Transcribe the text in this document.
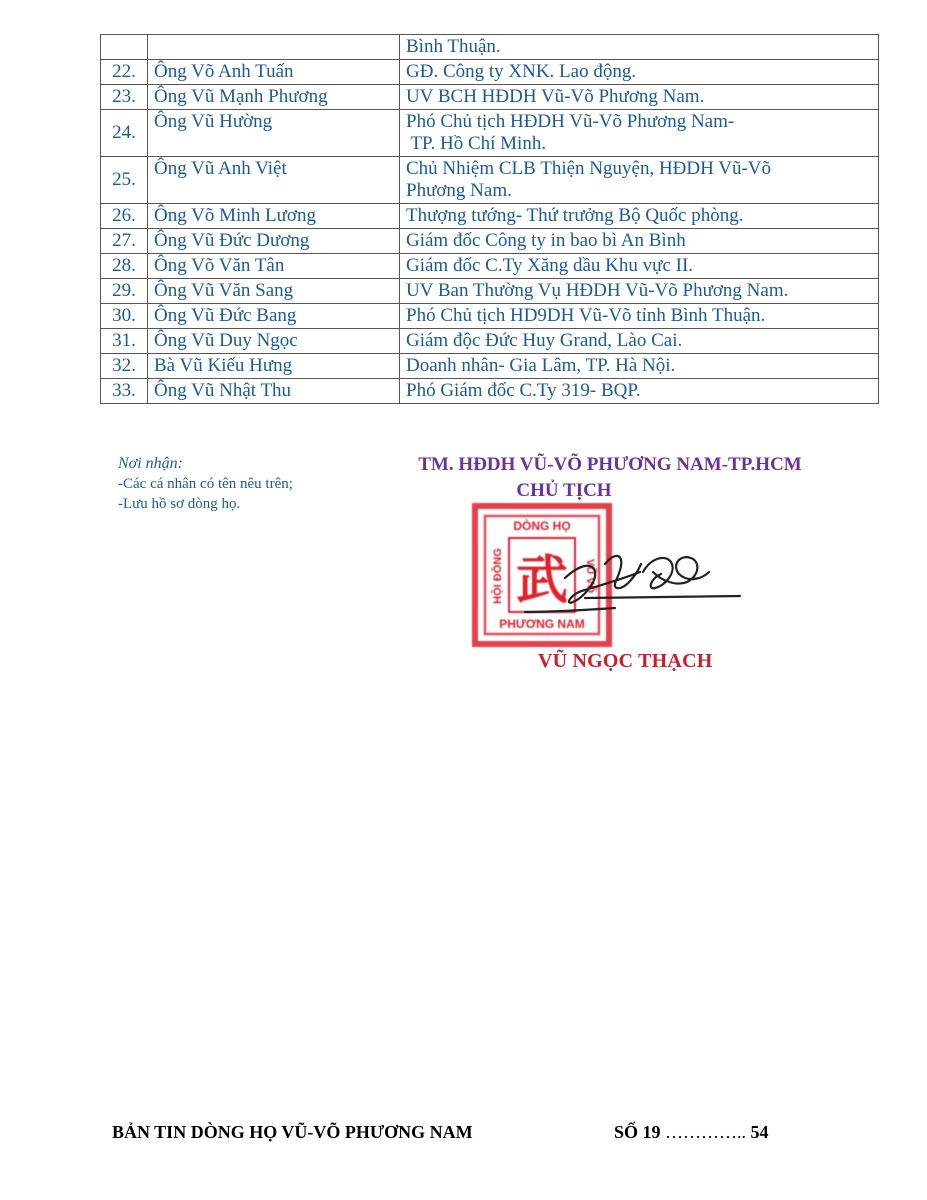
		Bình Thuận.

22.	Ông Võ Anh Tuấn	GĐ. Công ty XNK. Lao động.

23.	Ông Vũ Mạnh Phương	UV BCH HĐDH Vũ-Võ Phương Nam.

24.	Ông Vũ Hường	Phó Chủ tịch HĐDH Vũ-Võ Phương Nam-
TP. Hồ Chí Minh.

25.	Ông Vũ Anh Việt	Chủ Nhiệm CLB Thiện Nguyện, HĐDH Vũ-Võ
Phương Nam.

26.	Ông Võ Minh Lương	Thượng tướng- Thứ trưởng Bộ Quốc phòng.

27.	Ông Vũ Đức Dương	Giám đốc Công ty in bao bì An Bình

28.	Ông Võ Văn Tân	Giám đốc C.Ty Xăng dầu Khu vực II.

29.	Ông Vũ Văn Sang	UV Ban Thường Vụ HĐDH Vũ-Võ Phương Nam.

30.	Ông Vũ Đức Bang	Phó Chủ tịch HD9DH Vũ-Võ tỉnh Bình Thuận.

31.	Ông Vũ Duy Ngọc	Giám độc Đức Huy Grand, Lào Cai.

32.	Bà Vũ Kiếu Hưng	Doanh nhân- Gia Lâm, TP. Hà Nội.

33.	Ông Vũ Nhật Thu	Phó Giám đốc C.Ty 319- BQP.
Nơi nhận:
-Các cá nhân có tên nêu trên;
-Lưu hồ sơ dòng họ.
TM. HĐDH VŨ-VÕ PHƯƠNG NAM-TP.HCM
CHỦ TỊCH
DÒNG HỌ
PHƯƠNG NAM
HỘI ĐỒNG	VŨ VÕ
武
VŨ NGỌC THẠCH
BẢN TIN DÒNG HỌ VŨ-VÕ PHƯƠNG NAM	SỐ 19 ………….. 54
